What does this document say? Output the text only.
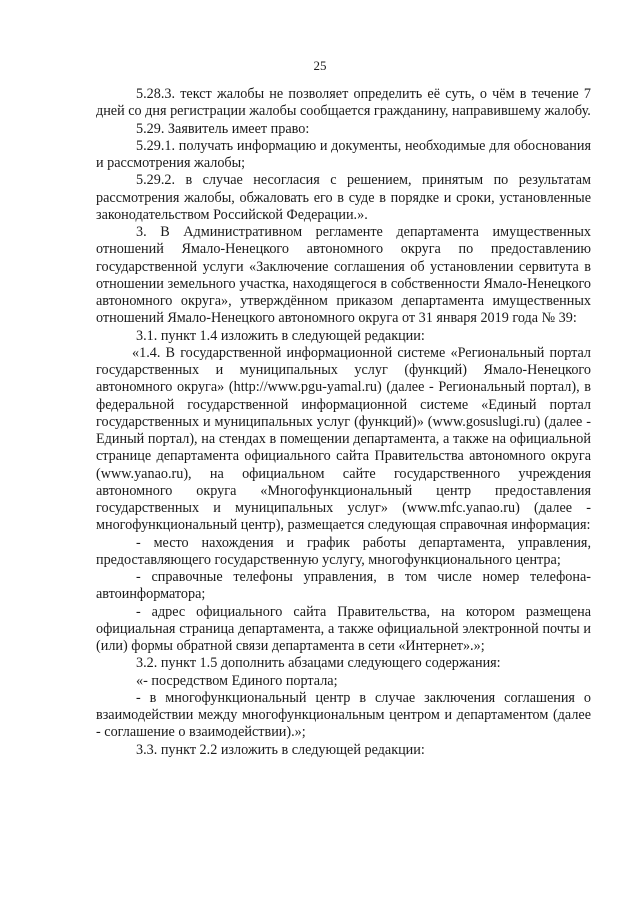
25

5.28.3. текст жалобы не позволяет определить её суть, о чём в течение 7 дней со дня регистрации жалобы сообщается гражданину, направившему жалобу.

5.29. Заявитель имеет право:

5.29.1. получать информацию и документы, необходимые для обоснования и рассмотрения жалобы;

5.29.2. в случае несогласия с решением, принятым по результатам рассмотрения жалобы, обжаловать его в суде в порядке и сроки, установленные законодательством Российской Федерации.».

3. В Административном регламенте департамента имущественных отношений Ямало-Ненецкого автономного округа по предоставлению государственной услуги «Заключение соглашения об установлении сервитута в отношении земельного участка, находящегося в собственности Ямало-Ненецкого автономного округа», утверждённом приказом департамента имущественных отношений Ямало-Ненецкого автономного округа от 31 января 2019 года № 39:

3.1. пункт 1.4 изложить в следующей редакции:

«1.4. В государственной информационной системе «Региональный портал государственных и муниципальных услуг (функций) Ямало-Ненецкого автономного округа» (http://www.pgu-yamal.ru) (далее - Региональный портал), в федеральной государственной информационной системе «Единый портал государственных и муниципальных услуг (функций)» (www.gosuslugi.ru) (далее - Единый портал), на стендах в помещении департамента, а также на официальной странице департамента официального сайта Правительства автономного округа (www.yanao.ru), на официальном сайте государственного учреждения автономного округа «Многофункциональный центр предоставления государственных и муниципальных услуг» (www.mfc.yanao.ru) (далее - многофункциональный центр), размещается следующая справочная информация:

- место нахождения и график работы департамента, управления, предоставляющего государственную услугу, многофункционального центра;

- справочные телефоны управления, в том числе номер телефона-автоинформатора;

- адрес официального сайта Правительства, на котором размещена официальная страница департамента, а также официальной электронной почты и (или) формы обратной связи департамента в сети «Интернет».»;

3.2. пункт 1.5 дополнить абзацами следующего содержания:

«- посредством Единого портала;

- в многофункциональный центр в случае заключения соглашения о взаимодействии между многофункциональным центром и департаментом (далее - соглашение о взаимодействии).»;

3.3. пункт 2.2 изложить в следующей редакции:
